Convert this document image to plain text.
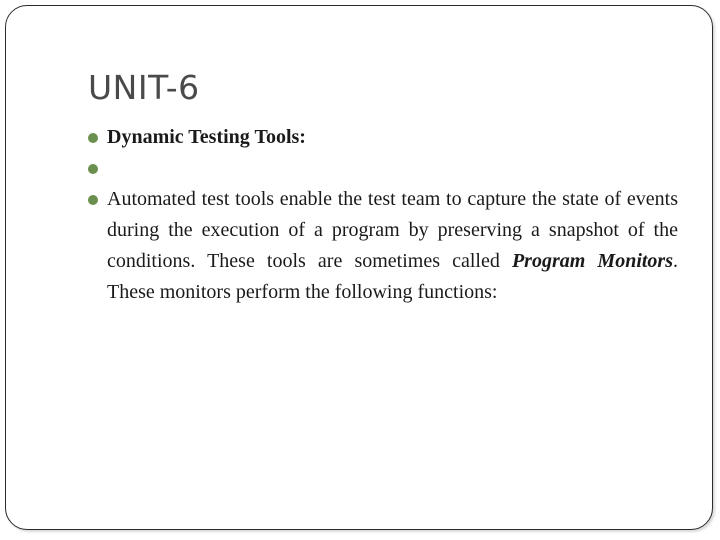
UNIT-6
Dynamic Testing Tools:
Automated test tools enable the test team to capture the state of events during the execution of a program by preserving a snapshot of the conditions. These tools are sometimes called Program Monitors. These monitors perform the following functions:
